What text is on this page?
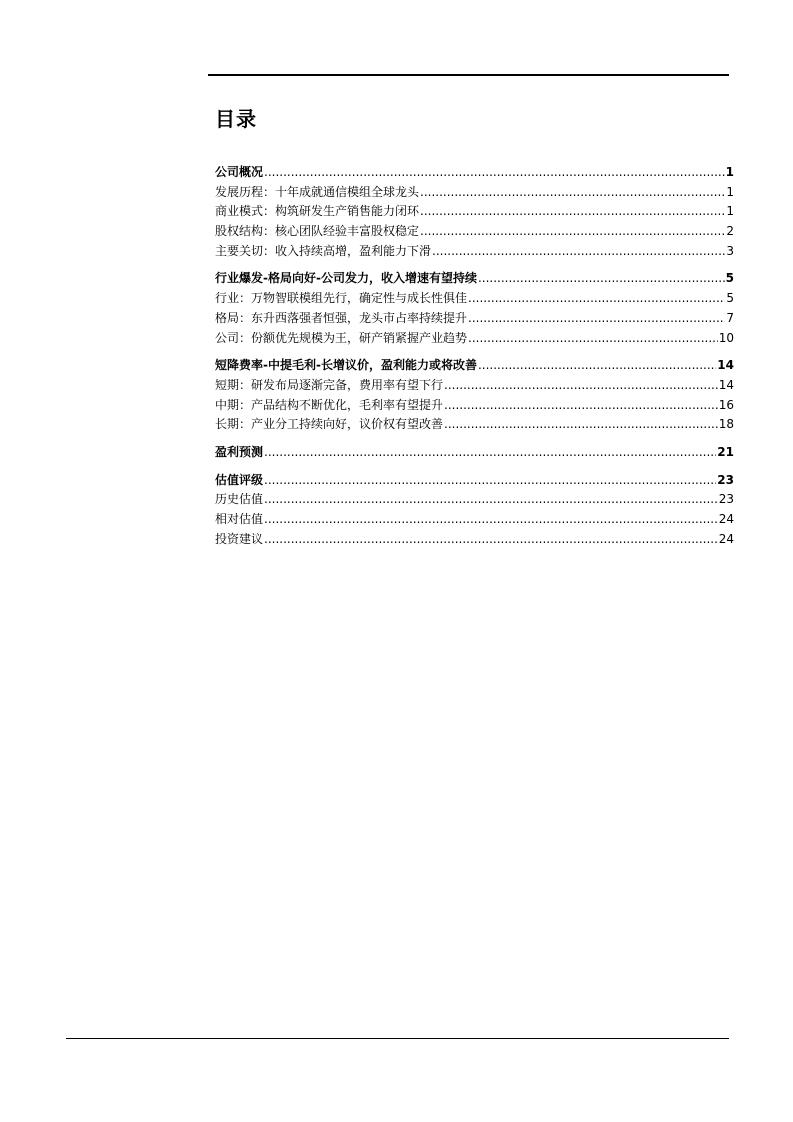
目录
公司概况 .....	1
发展历程：十年成就通信模组全球龙头 .....	1
商业模式：构筑研发生产销售能力闭环 .....	1
股权结构：核心团队经验丰富股权稳定 .....	2
主要关切：收入持续高增，盈利能力下滑 .....	3
行业爆发-格局向好-公司发力，收入增速有望持续 .....	5
行业：万物智联模组先行，确定性与成长性俱佳 .....	5
格局：东升西落强者恒强，龙头市占率持续提升 .....	7
公司：份额优先规模为王，研产销紧握产业趋势 .....	10
短降费率-中提毛利-长增议价，盈利能力或将改善 .....	14
短期：研发布局逐渐完备，费用率有望下行 .....	14
中期：产品结构不断优化，毛利率有望提升 .....	16
长期：产业分工持续向好，议价权有望改善 .....	18
盈利预测 .....	21
估值评级 .....	23
历史估值 .....	23
相对估值 .....	24
投资建议 .....	24
